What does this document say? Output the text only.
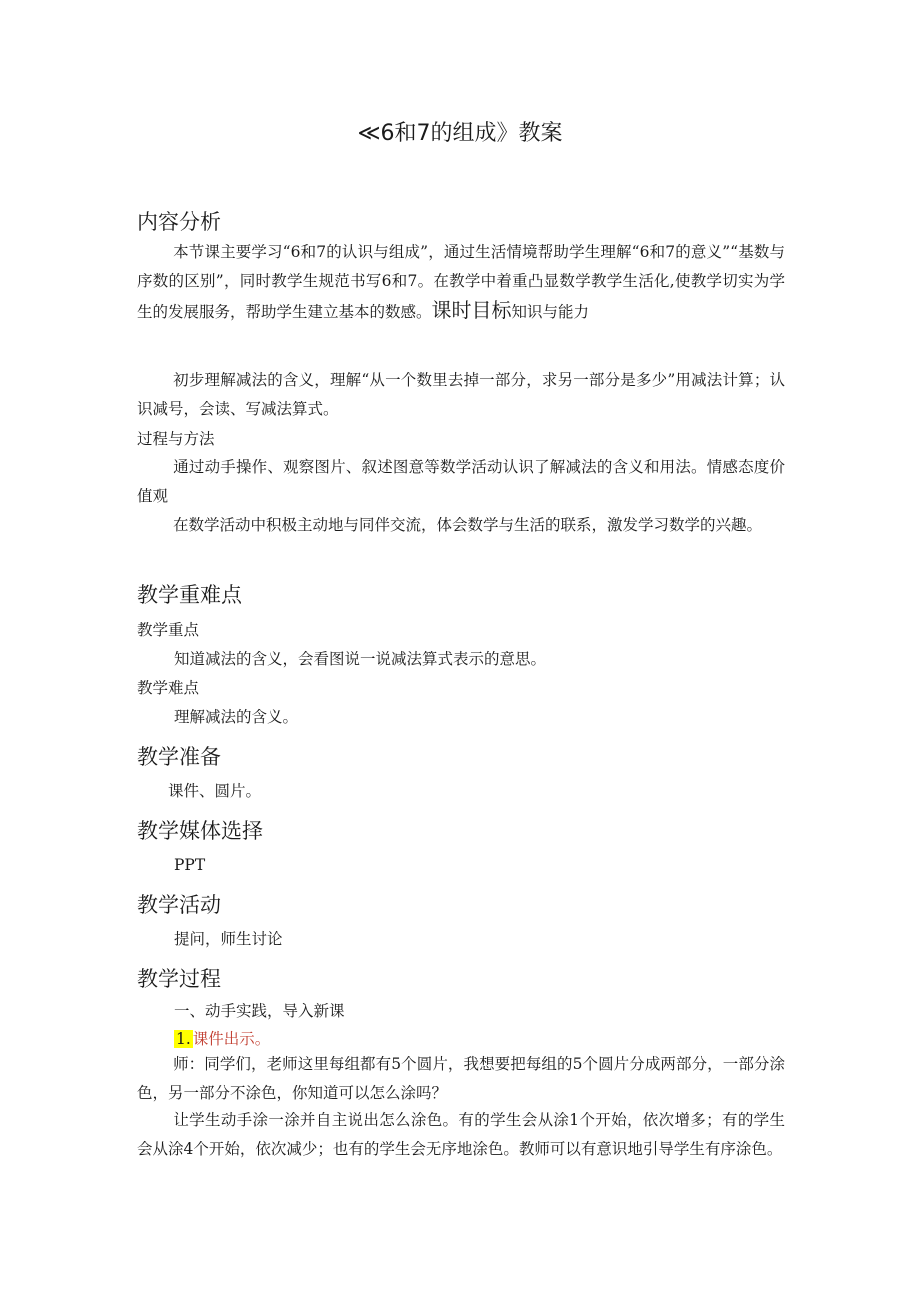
≪6和7的组成》教案
内容分析
本节课主要学习“6和7的认识与组成”，通过生活情境帮助学生理解“6和7的意义”“基数与序数的区别”，同时教学生规范书写6和7。在教学中着重凸显数学教学生活化,使教学切实为学生的发展服务，帮助学生建立基本的数感。课时目标知识与能力
初步理解减法的含义，理解“从一个数里去掉一部分，求另一部分是多少”用减法计算；认识减号，会读、写减法算式。
过程与方法
通过动手操作、观察图片、叙述图意等数学活动认识了解减法的含义和用法。情感态度价值观
在数学活动中积极主动地与同伴交流，体会数学与生活的联系，激发学习数学的兴趣。
教学重难点
教学重点
知道减法的含义，会看图说一说减法算式表示的意思。
教学难点
理解减法的含义。
教学准备
课件、圆片。
教学媒体选择
PPT
教学活动
提问，师生讨论
教学过程
一、动手实践，导入新课
1. 课件出示。
师：同学们，老师这里每组都有5个圆片，我想要把每组的5个圆片分成两部分，一部分涂色，另一部分不涂色，你知道可以怎么涂吗？
让学生动手涂一涂并自主说出怎么涂色。有的学生会从涂1个开始，依次增多；有的学生会从涂4个开始，依次减少；也有的学生会无序地涂色。教师可以有意识地引导学生有序涂色。
